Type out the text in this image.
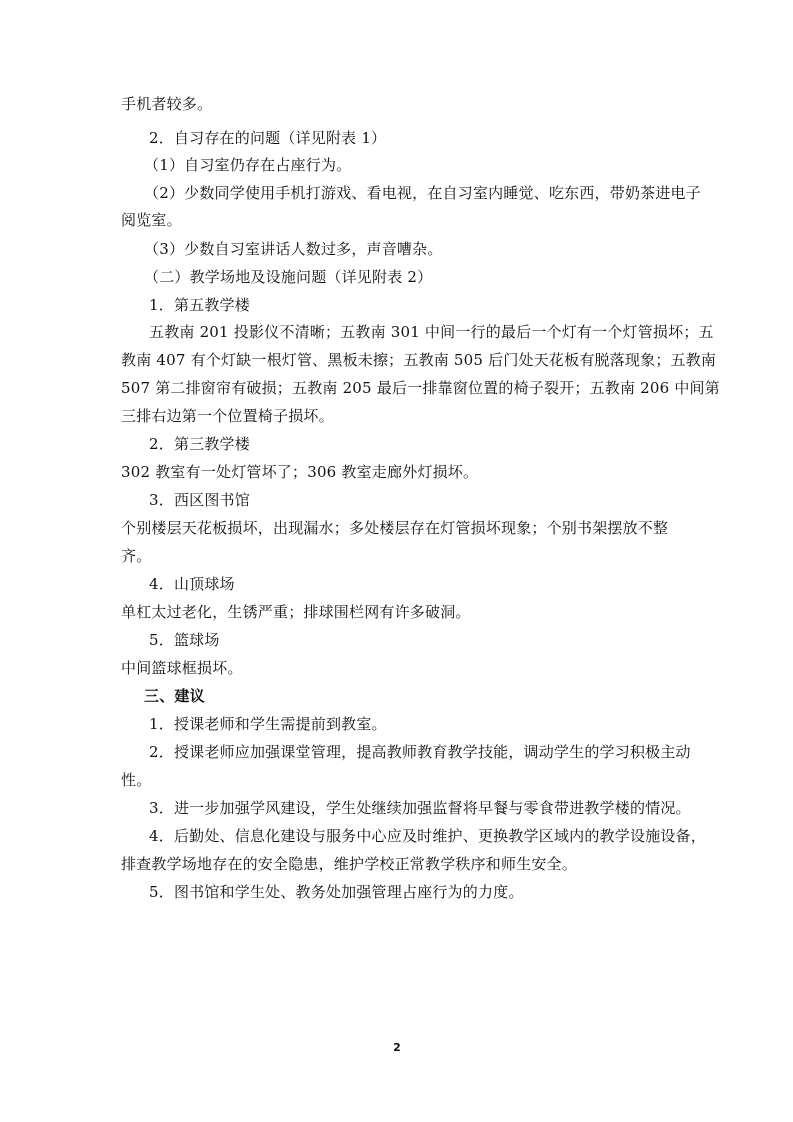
手机者较多。
2．自习存在的问题（详见附表 1）
（1）自习室仍存在占座行为。
（2）少数同学使用手机打游戏、看电视，在自习室内睡觉、吃东西，带奶茶进电子
阅览室。
（3）少数自习室讲话人数过多，声音嘈杂。
（二）教学场地及设施问题（详见附表 2）
1．第五教学楼
五教南 201 投影仪不清晰；五教南 301 中间一行的最后一个灯有一个灯管损坏；五
教南 407 有个灯缺一根灯管、黑板未擦；五教南 505 后门处天花板有脱落现象；五教南
507 第二排窗帘有破损；五教南 205 最后一排靠窗位置的椅子裂开；五教南 206 中间第
三排右边第一个位置椅子损坏。
2．第三教学楼
302 教室有一处灯管坏了；306 教室走廊外灯损坏。
3．西区图书馆
个别楼层天花板损坏，出现漏水；多处楼层存在灯管损坏现象；个别书架摆放不整
齐。
4．山顶球场
单杠太过老化，生锈严重；排球围栏网有许多破洞。
5．篮球场
中间篮球框损坏。
三、建议
1．授课老师和学生需提前到教室。
2．授课老师应加强课堂管理，提高教师教育教学技能，调动学生的学习积极主动
性。
3．进一步加强学风建设，学生处继续加强监督将早餐与零食带进教学楼的情况。
4．后勤处、信息化建设与服务中心应及时维护、更换教学区域内的教学设施设备，
排查教学场地存在的安全隐患，维护学校正常教学秩序和师生安全。
5．图书馆和学生处、教务处加强管理占座行为的力度。
2
